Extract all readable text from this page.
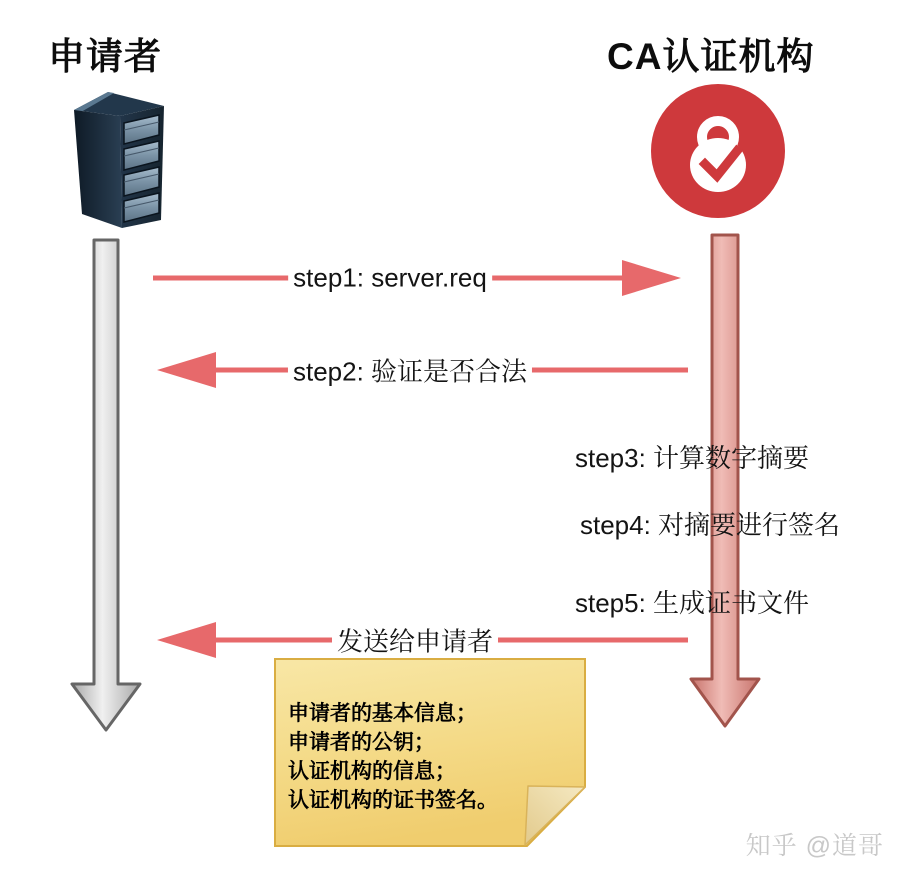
申请者	CA认证机构
step1: server.req
step2: 验证是否合法
step3: 计算数字摘要
step4: 对摘要进行签名
step5: 生成证书文件
发送给申请者
申请者的基本信息；
申请者的公钥；
认证机构的信息；
认证机构的证书签名。
知乎 @道哥
